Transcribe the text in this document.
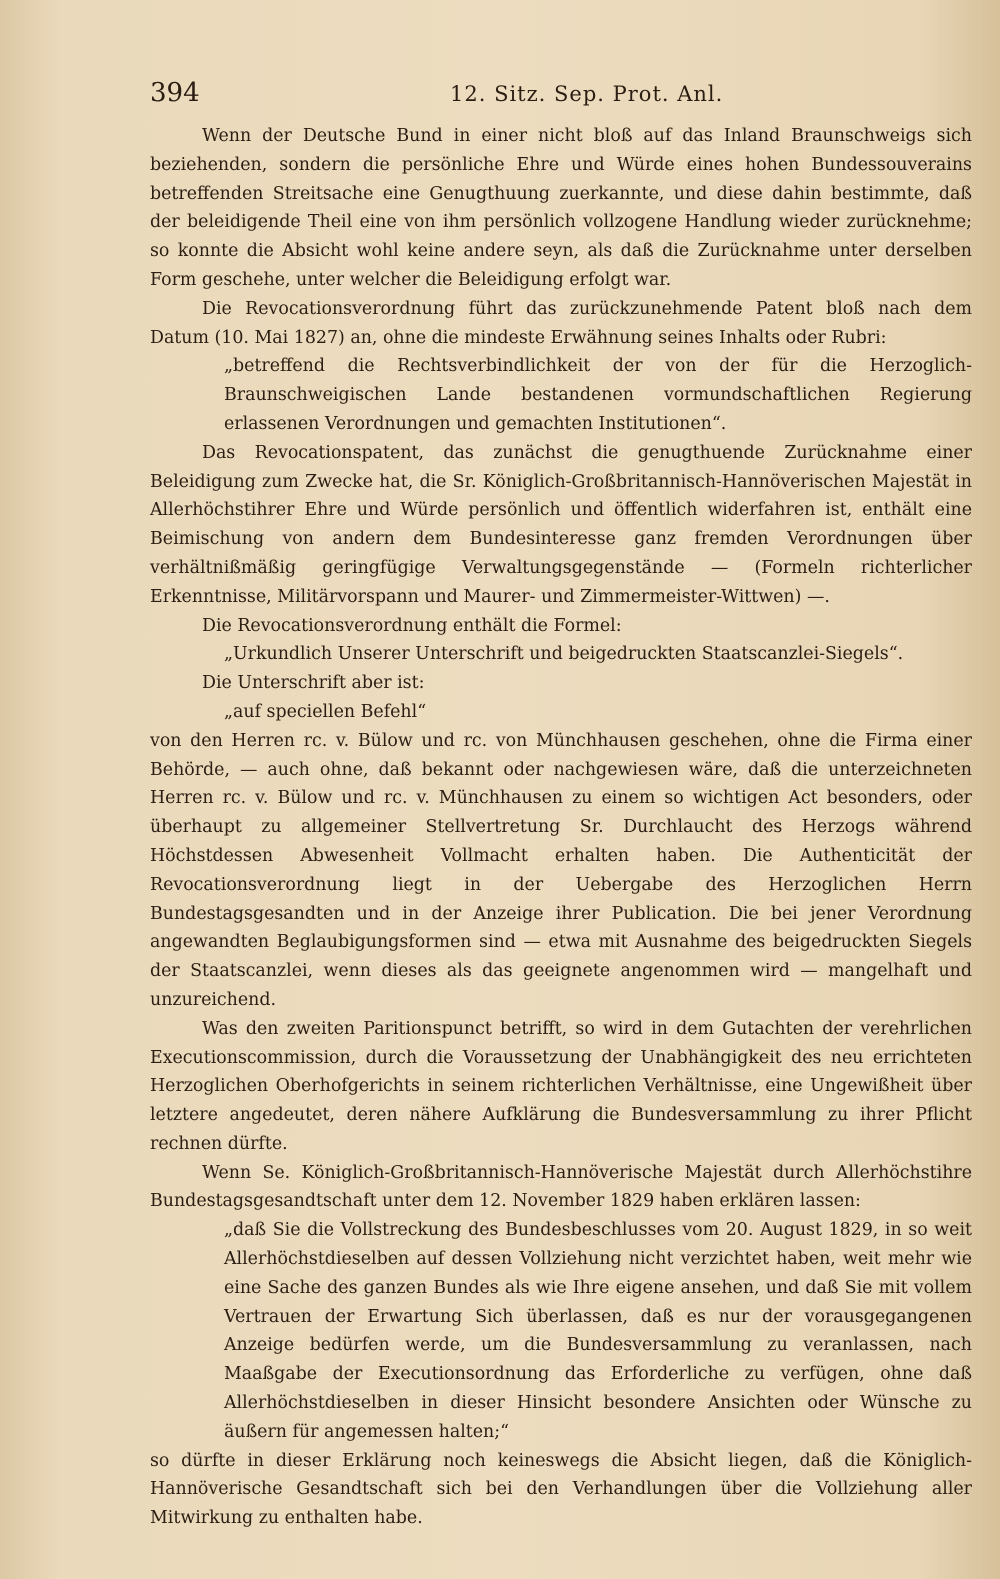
394	12. Sitz. Sep. Prot. Anl.

Wenn der Deutsche Bund in einer nicht bloß auf das Inland Braunschweigs sich beziehenden, sondern die persönliche Ehre und Würde eines hohen Bundessouverains betreffenden Streitsache eine Genugthuung zuerkannte, und diese dahin bestimmte, daß der beleidigende Theil eine von ihm persönlich vollzogene Handlung wieder zurücknehme; so konnte die Absicht wohl keine andere seyn, als daß die Zurücknahme unter derselben Form geschehe, unter welcher die Beleidigung erfolgt war.

Die Revocationsverordnung führt das zurückzunehmende Patent bloß nach dem Datum (10. Mai 1827) an, ohne die mindeste Erwähnung seines Inhalts oder Rubri:

„betreffend die Rechtsverbindlichkeit der von der für die Herzoglich-Braunschweigischen Lande bestandenen vormundschaftlichen Regierung erlassenen Verordnungen und gemachten Institutionen“.

Das Revocationspatent, das zunächst die genugthuende Zurücknahme einer Beleidigung zum Zwecke hat, die Sr. Königlich-Großbritannisch-Hannöverischen Majestät in Allerhöchstihrer Ehre und Würde persönlich und öffentlich widerfahren ist, enthält eine Beimischung von andern dem Bundesinteresse ganz fremden Verordnungen über verhältnißmäßig geringfügige Verwaltungsgegenstände — (Formeln richterlicher Erkenntnisse, Militärvorspann und Maurer- und Zimmermeister-Wittwen) —.

Die Revocationsverordnung enthält die Formel:

„Urkundlich Unserer Unterschrift und beigedruckten Staatscanzlei-Siegels“.

Die Unterschrift aber ist:

„auf speciellen Befehl“

von den Herren rc. v. Bülow und rc. von Münchhausen geschehen, ohne die Firma einer Behörde, — auch ohne, daß bekannt oder nachgewiesen wäre, daß die unterzeichneten Herren rc. v. Bülow und rc. v. Münchhausen zu einem so wichtigen Act besonders, oder überhaupt zu allgemeiner Stellvertretung Sr. Durchlaucht des Herzogs während Höchstdessen Abwesenheit Vollmacht erhalten haben. Die Authenticität der Revocationsverordnung liegt in der Uebergabe des Herzoglichen Herrn Bundestagsgesandten und in der Anzeige ihrer Publication. Die bei jener Verordnung angewandten Beglaubigungsformen sind — etwa mit Ausnahme des beigedruckten Siegels der Staatscanzlei, wenn dieses als das geeignete angenommen wird — mangelhaft und unzureichend.

Was den zweiten Paritionspunct betrifft, so wird in dem Gutachten der verehrlichen Executionscommission, durch die Voraussetzung der Unabhängigkeit des neu errichteten Herzoglichen Oberhofgerichts in seinem richterlichen Verhältnisse, eine Ungewißheit über letztere angedeutet, deren nähere Aufklärung die Bundesversammlung zu ihrer Pflicht rechnen dürfte.

Wenn Se. Königlich-Großbritannisch-Hannöverische Majestät durch Allerhöchstihre Bundestagsgesandtschaft unter dem 12. November 1829 haben erklären lassen:

„daß Sie die Vollstreckung des Bundesbeschlusses vom 20. August 1829, in so weit Allerhöchstdieselben auf dessen Vollziehung nicht verzichtet haben, weit mehr wie eine Sache des ganzen Bundes als wie Ihre eigene ansehen, und daß Sie mit vollem Vertrauen der Erwartung Sich überlassen, daß es nur der vorausgegangenen Anzeige bedürfen werde, um die Bundesversammlung zu veranlassen, nach Maaßgabe der Executionsordnung das Erforderliche zu verfügen, ohne daß Allerhöchstdieselben in dieser Hinsicht besondere Ansichten oder Wünsche zu äußern für angemessen halten;“

so dürfte in dieser Erklärung noch keineswegs die Absicht liegen, daß die Königlich-Hannöverische Gesandtschaft sich bei den Verhandlungen über die Vollziehung aller Mitwirkung zu enthalten habe.
